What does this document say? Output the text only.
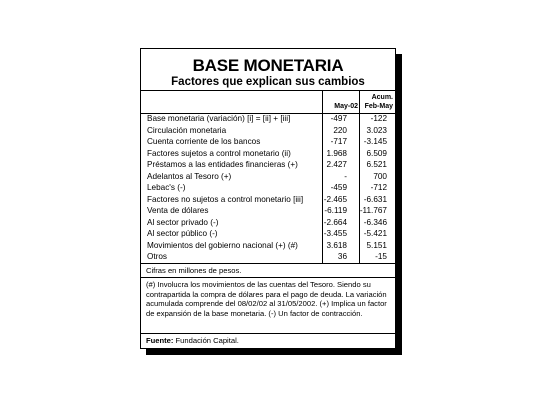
BASE MONETARIA
Factores que explican sus cambios
May-02
Acum.
Feb-May
Base monetaria (variación) [i] = [ii] + [iii]	-497	-122
Circulación monetaria	220 3.023
Cuenta corriente de los bancos	-717 -3.145
Factores sujetos a control monetario (ii)	1.968 6.509
Préstamos a las entidades financieras (+)	2.427 6.521
Adelantos al Tesoro (+)	-	700
Lebac's (-)	-459	-712
Factores no sujetos a control monetario [iii]	-2.465 -6.631
Venta de dólares	-6.119 -11.767
Al sector privado (-)	-2.664 -6.346
Al sector público (-)	-3.455 -5.421
Movimientos del gobierno nacional (+) (#)	3.618 5.151
Otros	36	-15
Cifras en millones de pesos.
(#) Involucra los movimientos de las cuentas del Tesoro. Siendo su contrapartida la compra de dólares para el pago de deuda. La variación acumulada comprende del 08/02/02 al 31/05/2002. (+) Implica un factor de expansión de la base monetaria. (-) Un factor de contracción.
Fuente: Fundación Capital.
